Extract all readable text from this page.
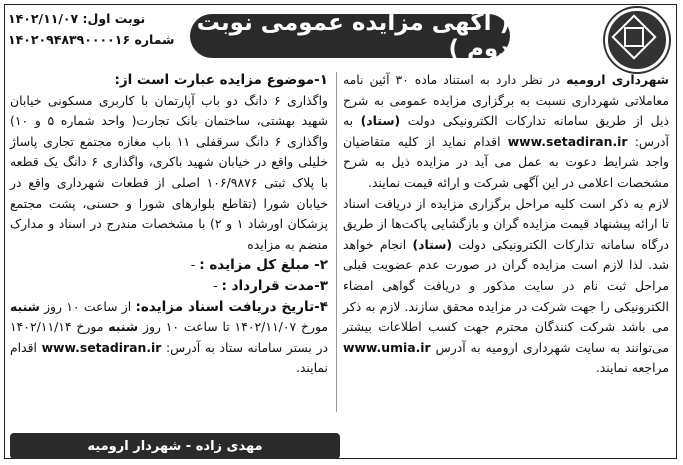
( آگهی مزایده عمومی نوبت دوم )
نوبت اول: ۱۴۰۲/۱۱/۰۷
شماره ۱۴۰۲۰۹۴۸۳۹۰۰۰۰۱۶

شهرداری ارومیه در نظر دارد به استناد ماده ۳۰ آئین نامه معاملاتی شهرداری نسبت به برگزاری مزایده عمومی به شرح ذیل از طریق سامانه تدارکات الکترونیکی دولت (ستاد) به آدرس: www.setadiran.ir اقدام نماید از کلیه متقاضیان واجد شرایط دعوت به عمل می آید در مزایده ذیل به شرح مشخصات اعلامی در این آگهی شرکت و ارائه قیمت نمایند.

لازم به ذکر است کلیه مراحل برگزاری مزایده از دریافت اسناد تا ارائه پیشنهاد قیمت مزایده گران و بازگشایی پاکت‌ها از طریق درگاه سامانه تدارکات الکترونیکی دولت (ستاد) انجام خواهد شد. لذا لازم است مزایده گران در صورت عدم عضویت قبلی مراحل ثبت نام در سایت مذکور و دریافت گواهی امضاء الکترونیکی را جهت شرکت در مزایده محقق سازند. لازم به ذکر می باشد شرکت کنندگان محترم جهت کسب اطلاعات بیشتر می‌توانند به سایت شهرداری ارومیه به آدرس www.umia.ir مراجعه نمایند.

۱-موضوع مزایده عبارت است از:

واگذاری ۶ دانگ دو باب آپارتمان با کاربری مسکونی خیابان شهید بهشتی، ساختمان بانک تجارت( واحد شماره ۵ و ۱۰) واگذاری ۶ دانگ سرقفلی ۱۱ باب مغازه مجتمع تجاری پاساژ خلیلی واقع در خیابان شهید باکری، واگذاری ۶ دانگ یک قطعه با پلاک ثبتی ۱۰۶/۹۸۷۶ اصلی از قطعات شهرداری واقع در خیابان شورا (تقاطع بلوارهای شورا و حسنی، پشت مجتمع پزشکان اورشاد ۱ و ۲) با مشخصات مندرج در اسناد و مدارک منضم به مزایده

۲- مبلغ کل مزایده : -

۳-مدت قرارداد : -

۴-تاریخ دریافت اسناد مزایده: از ساعت ۱۰ روز شنبه مورخ ۱۴۰۲/۱۱/۰۷ تا ساعت ۱۰ روز شنبه مورخ ۱۴۰۲/۱۱/۱۴ در بستر سامانه ستاد به آدرس: www.setadiran.ir اقدام نمایند.

مهدی زاده - شهردار ارومیه
